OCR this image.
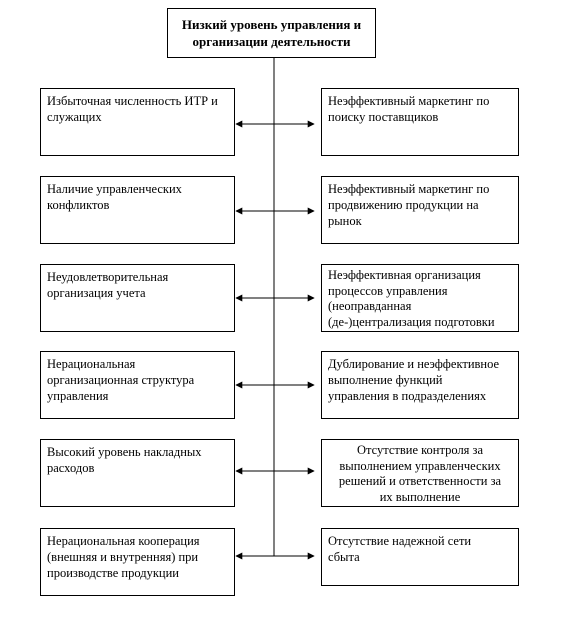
Низкий уровень управления и
организации деятельности
Избыточная численность ИТР и
служащих
Наличие управленческих
конфликтов
Неудовлетворительная
организация учета
Нерациональная
организационная структура
управления
Высокий уровень накладных
расходов
Нерациональная кооперация
(внешняя и внутренняя) при
производстве продукции
Неэффективный маркетинг по
поиску поставщиков
Неэффективный маркетинг по
продвижению продукции на
рынок
Неэффективная организация
процессов управления
(неоправданная
(де-)централизация подготовки
Дублирование и неэффективное
выполнение функций
управления в подразделениях
Отсутствие контроля за
выполнением управленческих
решений и ответственности за
их выполнение
Отсутствие надежной сети
сбыта
